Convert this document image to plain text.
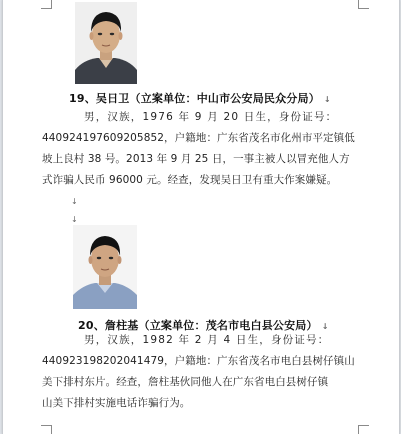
19、吴日卫（立案单位：中山市公安局民众分局） ↓
男，汉族，1976 年 9 月 20 日生，身份证号：
440924197609205852，户籍地：广东省茂名市化州市平定镇低
坡上良村 38 号。2013 年 9 月 25 日，一事主被人以冒充他人方
式诈骗人民币 96000 元。经查，发现吴日卫有重大作案嫌疑。
↓
↓
20、詹柱基（立案单位：茂名市电白县公安局） ↓
男，汉族，1982 年 2 月 4 日生，身份证号：
440923198202041479，户籍地：广东省茂名市电白县树仔镇山
美下排村东片。经查，詹柱基伙同他人在广东省电白县树仔镇
山美下排村实施电话诈骗行为。
